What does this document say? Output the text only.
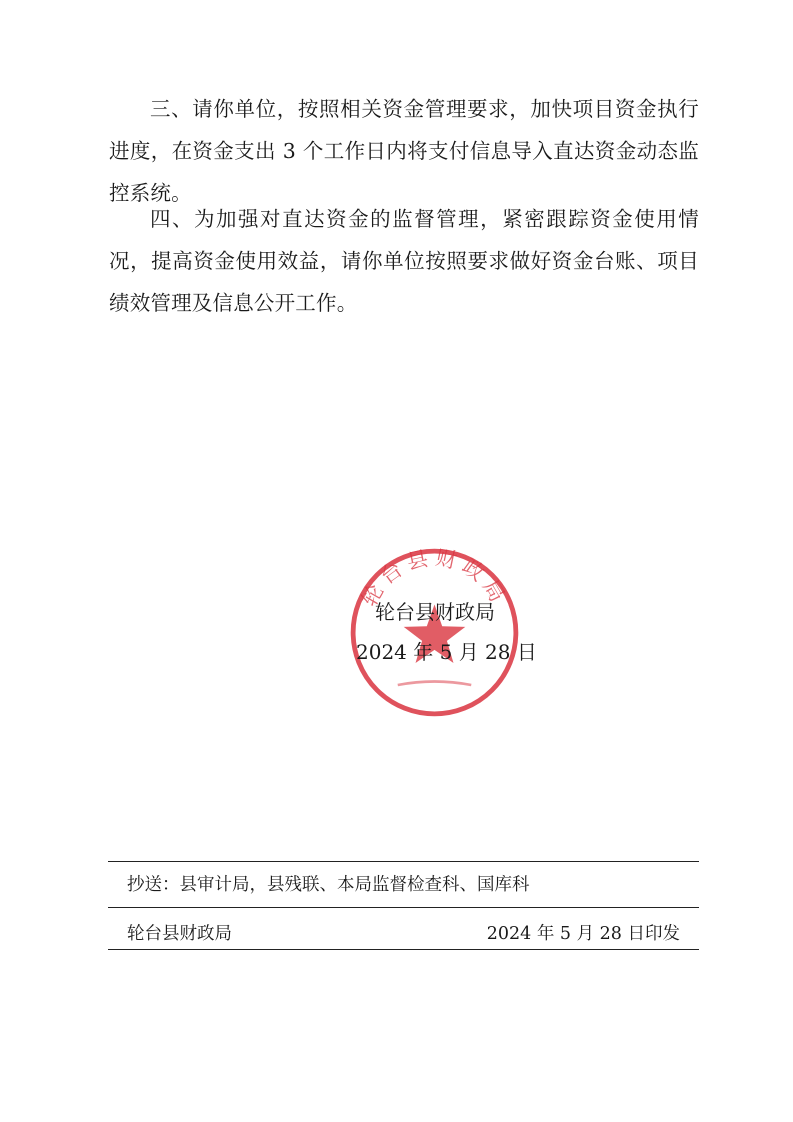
三、请你单位，按照相关资金管理要求，加快项目资金执行进度，在资金支出 3 个工作日内将支付信息导入直达资金动态监控系统。

四、为加强对直达资金的监督管理，紧密跟踪资金使用情况，提高资金使用效益，请你单位按照要求做好资金台账、项目绩效管理及信息公开工作。

轮台县财政局
轮台县财政局
2024 年 5 月 28 日
抄送：县审计局，县残联、本局监督检查科、国库科
轮台县财政局	2024 年 5 月 28 日印发
